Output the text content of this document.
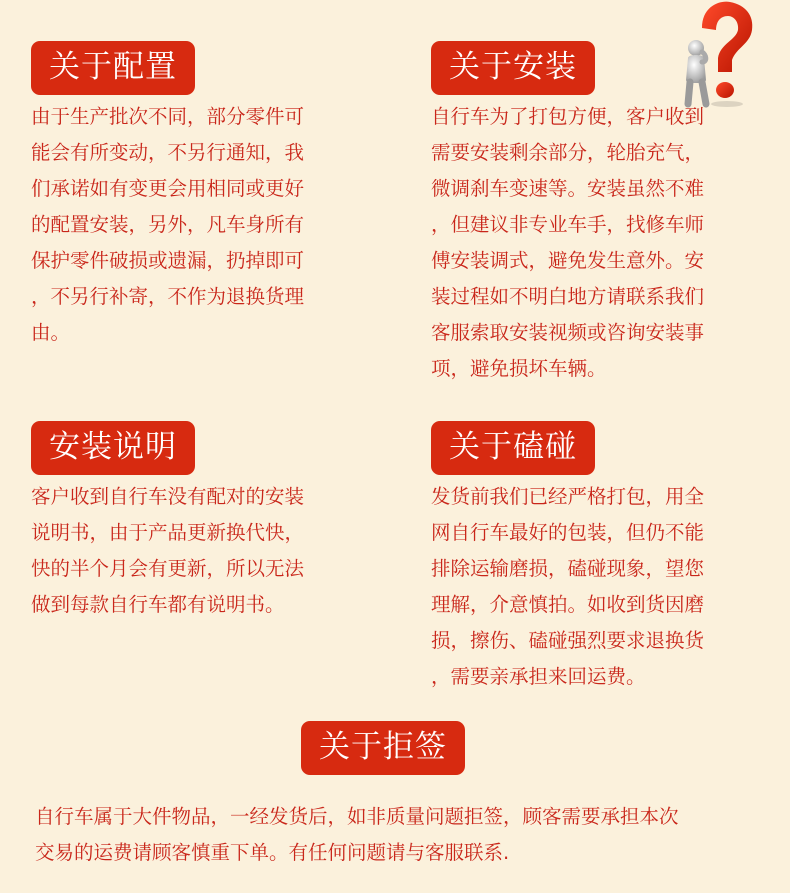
关于配置
由于生产批次不同，部分零件可
能会有所变动，不另行通知，我
们承诺如有变更会用相同或更好
的配置安装，另外，凡车身所有
保护零件破损或遗漏，扔掉即可
，不另行补寄，不作为退换货理
由。
关于安装
自行车为了打包方便，客户收到
需要安装剩余部分，轮胎充气，
微调刹车变速等。安装虽然不难
，但建议非专业车手，找修车师
傅安装调式，避免发生意外。安
装过程如不明白地方请联系我们
客服索取安装视频或咨询安装事
项，避免损坏车辆。
安装说明
客户收到自行车没有配对的安装
说明书，由于产品更新换代快，
快的半个月会有更新，所以无法
做到每款自行车都有说明书。
关于磕碰
发货前我们已经严格打包，用全
网自行车最好的包装，但仍不能
排除运输磨损，磕碰现象，望您
理解，介意慎拍。如收到货因磨
损，擦伤、磕碰强烈要求退换货
，需要亲承担来回运费。
关于拒签
自行车属于大件物品，一经发货后，如非质量问题拒签，顾客需要承担本次
交易的运费请顾客慎重下单。有任何问题请与客服联系.
